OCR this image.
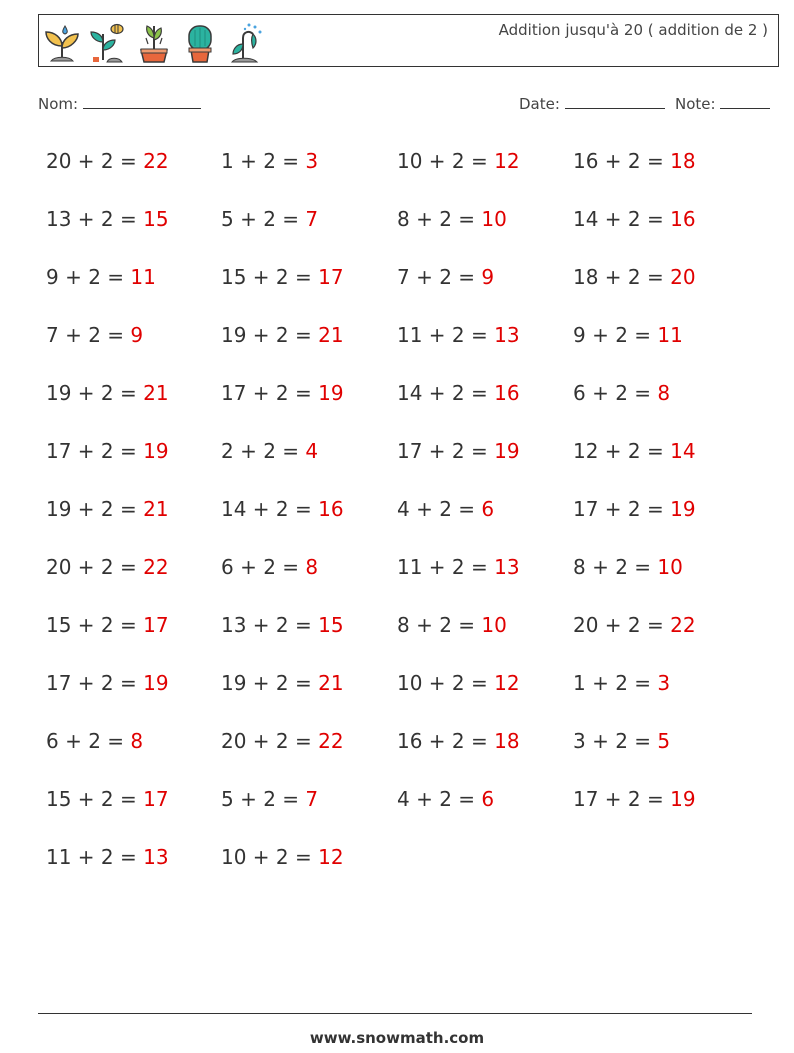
Addition jusqu'à 20 ( addition de 2 )
Nom:	Date:	Note:
20 + 2 = 22	1 + 2 = 3	10 + 2 = 12	16 + 2 = 18
13 + 2 = 15	5 + 2 = 7	8 + 2 = 10	14 + 2 = 16
9 + 2 = 11	15 + 2 = 17	7 + 2 = 9	18 + 2 = 20
7 + 2 = 9	19 + 2 = 21	11 + 2 = 13	9 + 2 = 11
19 + 2 = 21	17 + 2 = 19	14 + 2 = 16	6 + 2 = 8
17 + 2 = 19	2 + 2 = 4	17 + 2 = 19	12 + 2 = 14
19 + 2 = 21	14 + 2 = 16	4 + 2 = 6	17 + 2 = 19
20 + 2 = 22	6 + 2 = 8	11 + 2 = 13	8 + 2 = 10
15 + 2 = 17	13 + 2 = 15	8 + 2 = 10	20 + 2 = 22
17 + 2 = 19	19 + 2 = 21	10 + 2 = 12	1 + 2 = 3
6 + 2 = 8	20 + 2 = 22	16 + 2 = 18	3 + 2 = 5
15 + 2 = 17	5 + 2 = 7	4 + 2 = 6	17 + 2 = 19
11 + 2 = 13	10 + 2 = 12
www.snowmath.com
